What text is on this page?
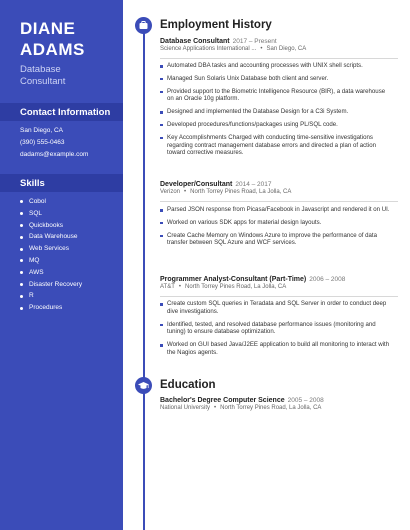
DIANE
ADAMS
Database
Consultant
Contact Information
San Diego, CA
(390) 555-0463
dadams@example.com
Skills
Cobol
SQL
Quickbooks
Data Warehouse
Web Services
MQ
AWS
Disaster Recovery
R
Procedures
Employment History
Database Consultant 2017 – Present
Science Applications International ... • San Diego, CA
Automated DBA tasks and accounting processes with UNIX shell scripts.
Managed Sun Solaris Unix Database both client and server.
Provided support to the Biometric Intelligence Resource (BIR), a data warehouse on an Oracle 10g platform.
Designed and implemented the Database Design for a C3i System.
Developed procedures/functions/packages using PL/SQL code.
Key Accomplishments Charged with conducting time-sensitive investigations regarding contract management database errors and directed a plan of action toward corrective measures.
Developer/Consultant 2014 – 2017
Verizon • North Torrey Pines Road, La Jolla, CA
Parsed JSON response from Picasa/Facebook in Javascript and rendered it on UI.
Worked on various SDK apps for material design layouts.
Create Cache Memory on Windows Azure to improve the performance of data transfer between SQL Azure and WCF services.
Programmer Analyst-Consultant (Part-Time) 2006 – 2008
AT&T • North Torrey Pines Road, La Jolla, CA
Create custom SQL queries in Teradata and SQL Server in order to conduct deep dive investigations.
Identified, tested, and resolved database performance issues (monitoring and tuning) to ensure database optimization.
Worked on GUI based Java/J2EE application to build all monitoring to interact with the Nagios agents.
Education
Bachelor's Degree Computer Science 2005 – 2008
National University • North Torrey Pines Road, La Jolla, CA
